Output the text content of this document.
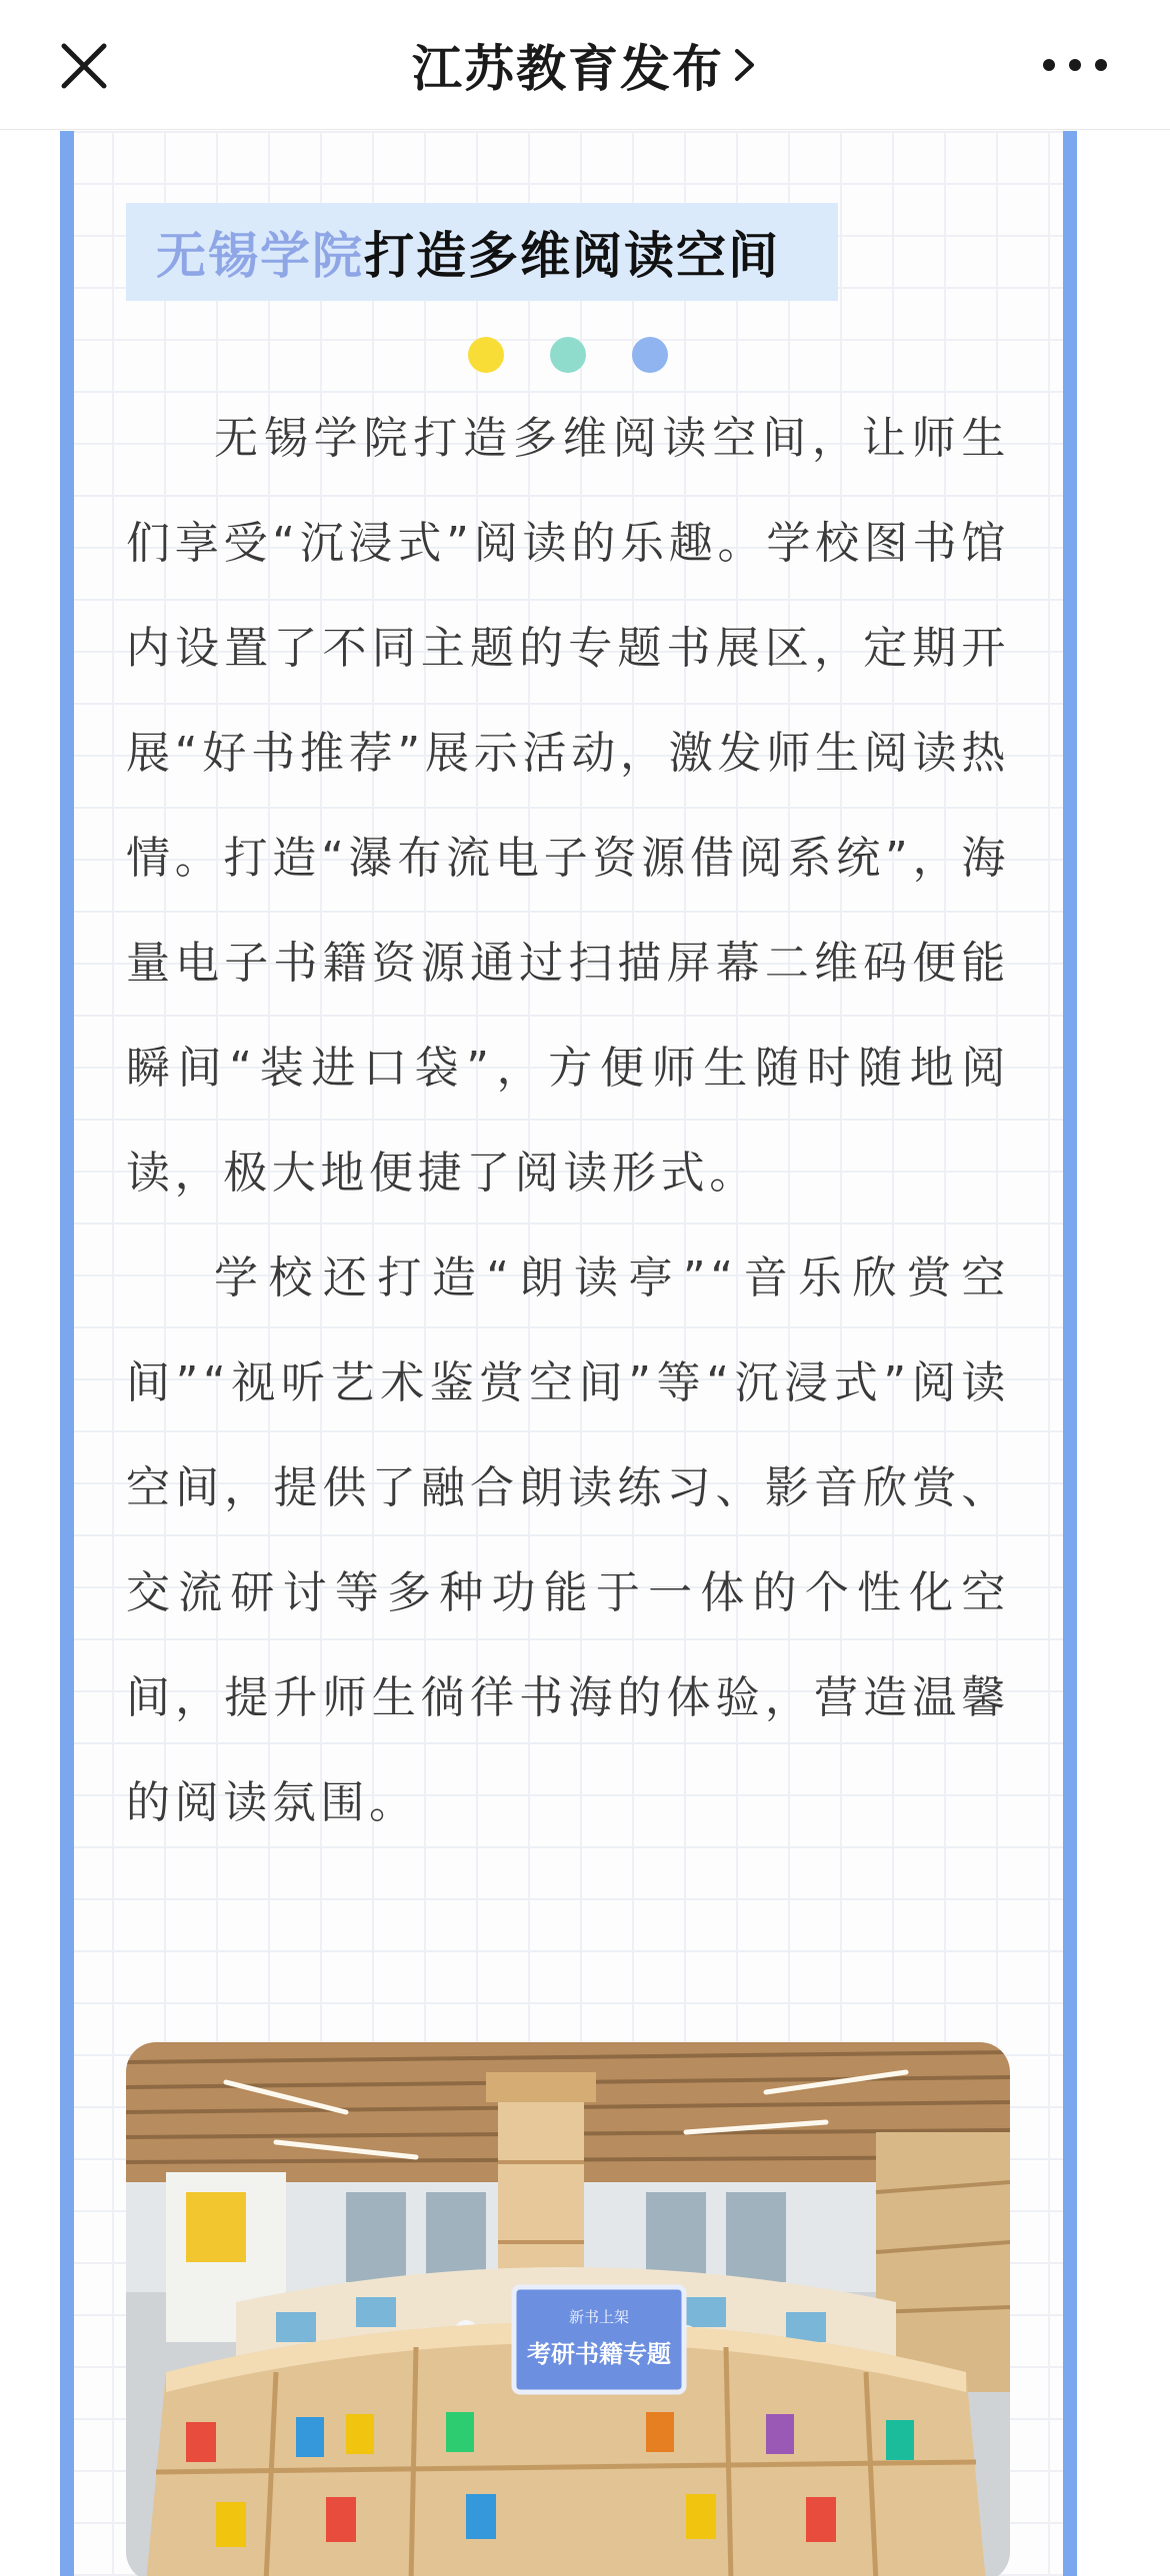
江苏教育发布
无锡学院 打造多维阅读空间

无锡学院打造多维阅读空间，让师生们享受“沉浸式”阅读的乐趣。学校图书馆内设置了不同主题的专题书展区，定期开展“好书推荐”展示活动，激发师生阅读热情。打造“瀑布流电子资源借阅系统”，海量电子书籍资源通过扫描屏幕二维码便能瞬间“装进口袋”，方便师生随时随地阅读，极大地便捷了阅读形式。

学校还打造“朗读亭”“音乐欣赏空间”“视听艺术鉴赏空间”等“沉浸式”阅读空间，提供了融合朗读练习、影音欣赏、交流研讨等多种功能于一体的个性化空间，提升师生徜徉书海的体验，营造温馨的阅读氛围。

新书上架
考研书籍专题
